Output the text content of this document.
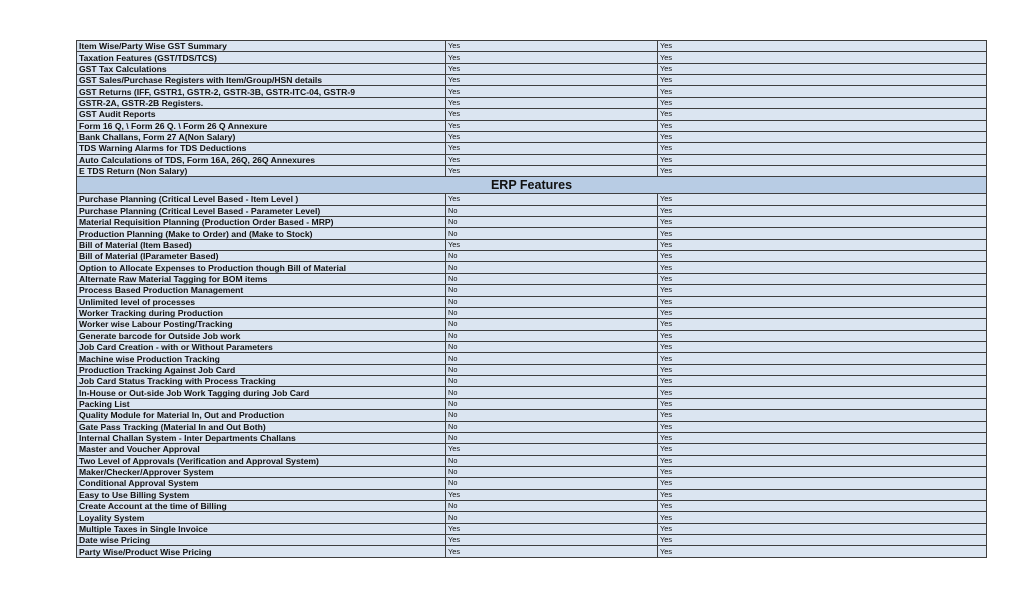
Item Wise/Party Wise GST Summary	Yes	Yes
Taxation Features (GST/TDS/TCS)	Yes	Yes
GST Tax Calculations	Yes	Yes
GST Sales/Purchase Registers with Item/Group/HSN details	Yes	Yes
GST Returns (IFF, GSTR1, GSTR-2, GSTR-3B, GSTR-ITC-04, GSTR-9	Yes	Yes
GSTR-2A, GSTR-2B Registers.	Yes	Yes
GST Audit Reports	Yes	Yes
Form 16 Q, \ Form 26 Q. \ Form 26 Q Annexure	Yes	Yes
Bank Challans, Form 27 A(Non Salary)	Yes	Yes
TDS Warning Alarms for TDS Deductions	Yes	Yes
Auto Calculations of TDS, Form 16A, 26Q, 26Q Annexures	Yes	Yes
E TDS Return (Non Salary)	Yes	Yes
ERP Features		
Purchase Planning (Critical Level Based - Item Level )	Yes	Yes
Purchase Planning (Critical Level Based - Parameter Level)	No	Yes
Material Requisition Planning (Production Order Based - MRP)	No	Yes
Production Planning (Make to Order) and (Make to Stock)	No	Yes
Bill of Material (Item Based)	Yes	Yes
Bill of Material (IParameter Based)	No	Yes
Option to Allocate Expenses to Production though Bill of Material	No	Yes
Alternate Raw Material Tagging for BOM items	No	Yes
Process Based Production Management	No	Yes
Unlimited level of processes	No	Yes
Worker Tracking during Production	No	Yes
Worker wise Labour Posting/Tracking	No	Yes
Generate barcode for Outside Job work	No	Yes
Job Card Creation - with or Without Parameters	No	Yes
Machine wise Production Tracking	No	Yes
Production Tracking Against Job Card	No	Yes
Job Card Status Tracking with Process Tracking	No	Yes
In-House or Out-side Job Work Tagging during Job Card	No	Yes
Packing List	No	Yes
Quality Module for Material In, Out and Production	No	Yes
Gate Pass Tracking (Material In and Out Both)	No	Yes
Internal Challan System - Inter Departments Challans	No	Yes
Master and Voucher Approval	Yes	Yes
Two Level of Approvals (Verification and Approval System)	No	Yes
Maker/Checker/Approver System	No	Yes
Conditional Approval System	No	Yes
Easy to Use Billing System	Yes	Yes
Create Account at the time of Billing	No	Yes
Loyality System	No	Yes
Multiple Taxes in Single Invoice	Yes	Yes
Date wise Pricing	Yes	Yes
Party Wise/Product Wise Pricing	Yes	Yes
